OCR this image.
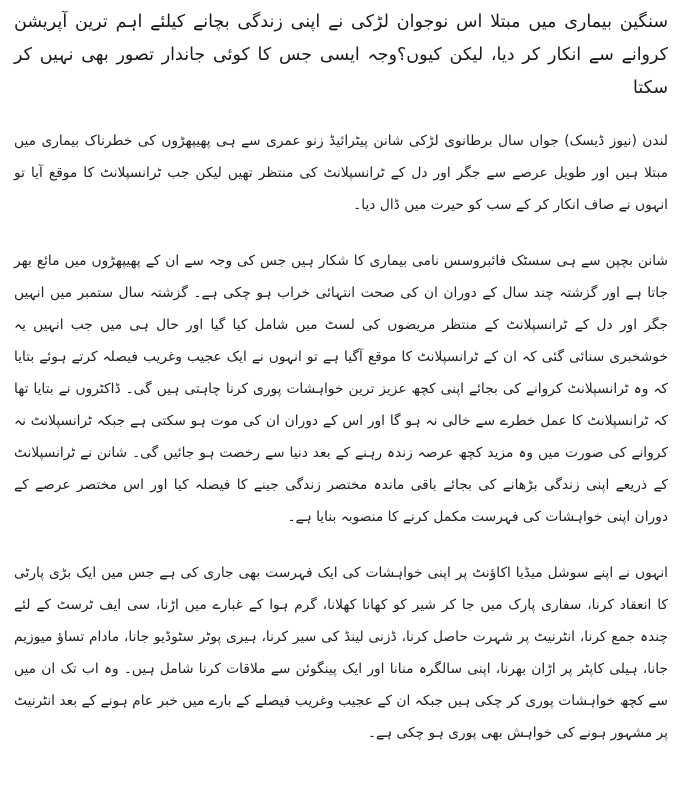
سنگین بیماری میں مبتلا اس نوجوان لڑکی نے اپنی زندگی بچانے کیلئے اہم ترین آپریشن کروانے سے انکار کر دیا، لیکن کیوں؟وجہ ایسی جس کا کوئی جاندار تصور بھی نہیں کر سکتا

لندن (نیوز ڈیسک) جواں سال برطانوی لڑکی شانن پیٹرائیڈ زنو عمری سے ہی پھیپھڑوں کی خطرناک بیماری میں مبتلا ہیں اور طویل عرصے سے جگر اور دل کے ٹرانسپلانٹ کی منتظر تھیں لیکن جب ٹرانسپلانٹ کا موقع آیا تو انہوں نے صاف انکار کر کے سب کو حیرت میں ڈال دیا۔

شانن بچپن سے ہی سسٹک فائبروسس نامی بیماری کا شکار ہیں جس کی وجہ سے ان کے پھیپھڑوں میں مائع بھر جاتا ہے اور گزشتہ چند سال کے دوران ان کی صحت انتہائی خراب ہو چکی ہے۔ گزشتہ سال ستمبر میں انہیں جگر اور دل کے ٹرانسپلانٹ کے منتظر مریضوں کی لسٹ میں شامل کیا گیا اور حال ہی میں جب انہیں یہ خوشخبری سنائی گئی کہ ان کے ٹرانسپلانٹ کا موقع آگیا ہے تو انہوں نے ایک عجیب وغریب فیصلہ کرتے ہوئے بتایا کہ وہ ٹرانسپلانٹ کروانے کی بجائے اپنی کچھ عزیز ترین خواہشات پوری کرنا چاہتی ہیں گی۔ ڈاکٹروں نے بتایا تھا کہ ٹرانسپلانٹ کا عمل خطرے سے خالی نہ ہو گا اور اس کے دوران ان کی موت ہو سکتی ہے جبکہ ٹرانسپلانٹ نہ کروانے کی صورت میں وہ مزید کچھ عرصہ زندہ رہنے کے بعد دنیا سے رخصت ہو جائیں گی۔ شانن نے ٹرانسپلانٹ کے ذریعے اپنی زندگی بڑھانے کی بجائے باقی ماندہ مختصر زندگی جینے کا فیصلہ کیا اور اس مختصر عرصے کے دوران اپنی خواہشات کی فہرست مکمل کرنے کا منصوبہ بنایا ہے۔

انہوں نے اپنے سوشل میڈیا اکاﺅنٹ پر اپنی خواہشات کی ایک فہرست بھی جاری کی ہے جس میں ایک بڑی پارٹی کا انعقاد کرنا، سفاری پارک میں جا کر شیر کو کھانا کھلانا، گرم ہوا کے غبارے میں اڑنا، سی ایف ٹرسٹ کے لئے چندہ جمع کرنا، انٹرنیٹ پر شہرت حاصل کرنا، ڈزنی لینڈ کی سیر کرنا، ہیری پوٹر سٹوڈیو جانا، مادام تساؤ میوزیم جانا، ہیلی کاپٹر پر اڑان بھرنا، اپنی سالگرہ منانا اور ایک پینگوئن سے ملاقات کرنا شامل ہیں۔ وہ اب تک ان میں سے کچھ خواہشات پوری کر چکی ہیں جبکہ ان کے عجیب وغریب فیصلے کے بارے میں خبر عام ہونے کے بعد انٹرنیٹ پر مشہور ہونے کی خواہش بھی پوری ہو چکی ہے۔
